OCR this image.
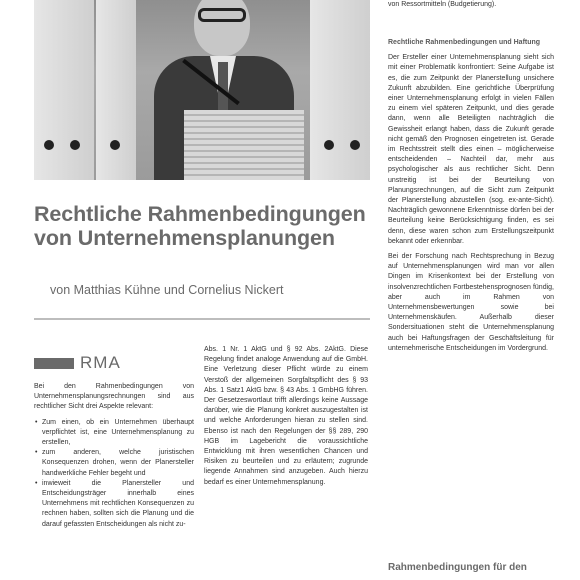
Rechtliche Rahmenbedingungen
von Unternehmensplanungen
von Matthias Kühne und Cornelius Nickert
RMA

Bei den Rahmenbedingungen von Unternehmensplanungsrechnungen sind aus rechtlicher Sicht drei Aspekte relevant:

• Zum einen, ob ein Unternehmen überhaupt verpflichtet ist, eine Unternehmensplanung zu erstellen,
• zum anderen, welche juristischen Konsequenzen drohen, wenn der Planersteller handwerkliche Fehler begeht und
• inwieweit die Planersteller und Entscheidungsträger innerhalb eines Unternehmens mit rechtlichen Konsequenzen zu rechnen haben, sollten sich die Planung und die darauf gefassten Entscheidungen als nicht zu-

Abs. 1 Nr. 1 AktG und § 92 Abs. 2AktG. Diese Regelung findet analoge Anwendung auf die GmbH. Eine Verletzung dieser Pflicht würde zu einem Verstoß der allgemeinen Sorgfaltspflicht des § 93 Abs. 1 Satz1 AktG bzw. § 43 Abs. 1 GmbHG führen. Der Gesetzeswortlaut trifft allerdings keine Aussage darüber, wie die Planung konkret auszugestalten ist und welche Anforderungen hieran zu stellen sind. Ebenso ist nach den Regelungen der §§ 289, 290 HGB im Lagebericht die voraussichtliche Entwicklung mit ihren wesentlichen Chancen und Risiken zu beurteilen und zu erläutern; zugrunde liegende Annahmen sind anzugeben. Auch hierzu bedarf es einer Unternehmensplanung.

von Ressortmitteln (Budgetierung).

Rechtliche Rahmenbedingungen und Haftung

Der Ersteller einer Unternehmensplanung sieht sich mit einer Problematik konfrontiert: Seine Aufgabe ist es, die zum Zeitpunkt der Planerstellung unsichere Zukunft abzubilden. Eine gerichtliche Überprüfung einer Unternehmensplanung erfolgt in vielen Fällen zu einem viel späteren Zeitpunkt, und dies gerade dann, wenn alle Beteiligten nachträglich die Gewissheit erlangt haben, dass die Zukunft gerade nicht gemäß den Prognosen eingetreten ist. Gerade im Rechtsstreit stellt dies einen – möglicherweise entscheidenden – Nachteil dar, mehr aus psychologischer als aus rechtlicher Sicht. Denn unstreitig ist bei der Beurteilung von Planungsrechnungen, auf die Sicht zum Zeitpunkt der Planerstellung abzustellen (sog. ex-ante-Sicht). Nachträglich gewonnene Erkenntnisse dürfen bei der Beurteilung keine Berücksichtigung finden, es sei denn, diese waren schon zum Erstellungszeitpunkt bekannt oder erkennbar.

Bei der Forschung nach Rechtsprechung in Bezug auf Unternehmensplanungen wird man vor allen Dingen im Krisenkontext bei der Erstellung von insolvenzrechtlichen Fortbestehensprognosen fündig, aber auch im Rahmen von Unternehmensbewertungen sowie bei Unternehmenskäufen. Außerhalb dieser Sondersituationen steht die Unternehmensplanung auch bei Haftungsfragen der Geschäftsleitung für unternehmerische Entscheidungen im Vordergrund.

Rahmenbedingungen für den
